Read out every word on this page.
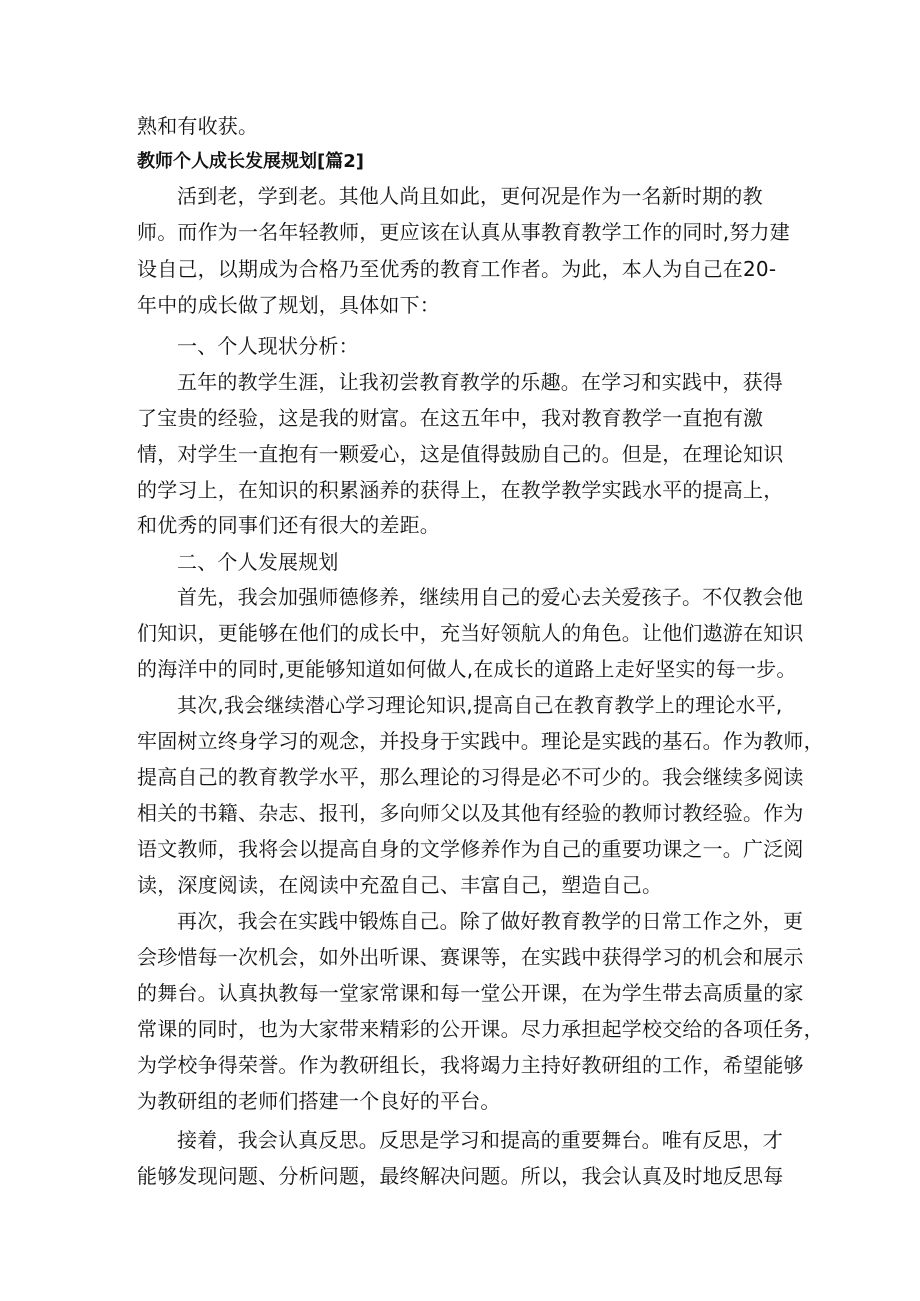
熟和有收获。
教师个人成长发展规划[篇2]
活到老，学到老。其他人尚且如此，更何况是作为一名新时期的教
师。而作为一名年轻教师，更应该在认真从事教育教学工作的同时,努力建
设自己，以期成为合格乃至优秀的教育工作者。为此，本人为自己在20-
年中的成长做了规划，具体如下：
一、个人现状分析：
五年的教学生涯，让我初尝教育教学的乐趣。在学习和实践中，获得
了宝贵的经验，这是我的财富。在这五年中，我对教育教学一直抱有激
情，对学生一直抱有一颗爱心，这是值得鼓励自己的。但是，在理论知识
的学习上，在知识的积累涵养的获得上，在教学教学实践水平的提高上，
和优秀的同事们还有很大的差距。
二、个人发展规划
首先，我会加强师德修养，继续用自己的爱心去关爱孩子。不仅教会他
们知识，更能够在他们的成长中，充当好领航人的角色。让他们遨游在知识
的海洋中的同时,更能够知道如何做人,在成长的道路上走好坚实的每一步。
其次,我会继续潜心学习理论知识,提高自己在教育教学上的理论水平,
牢固树立终身学习的观念，并投身于实践中。理论是实践的基石。作为教师，
提高自己的教育教学水平，那么理论的习得是必不可少的。我会继续多阅读
相关的书籍、杂志、报刊，多向师父以及其他有经验的教师讨教经验。作为
语文教师，我将会以提高自身的文学修养作为自己的重要功课之一。广泛阅
读，深度阅读，在阅读中充盈自己、丰富自己，塑造自己。
再次，我会在实践中锻炼自己。除了做好教育教学的日常工作之外，更
会珍惜每一次机会，如外出听课、赛课等，在实践中获得学习的机会和展示
的舞台。认真执教每一堂家常课和每一堂公开课，在为学生带去高质量的家
常课的同时，也为大家带来精彩的公开课。尽力承担起学校交给的各项任务，
为学校争得荣誉。作为教研组长，我将竭力主持好教研组的工作，希望能够
为教研组的老师们搭建一个良好的平台。
接着，我会认真反思。反思是学习和提高的重要舞台。唯有反思，才
能够发现问题、分析问题，最终解决问题。所以，我会认真及时地反思每
